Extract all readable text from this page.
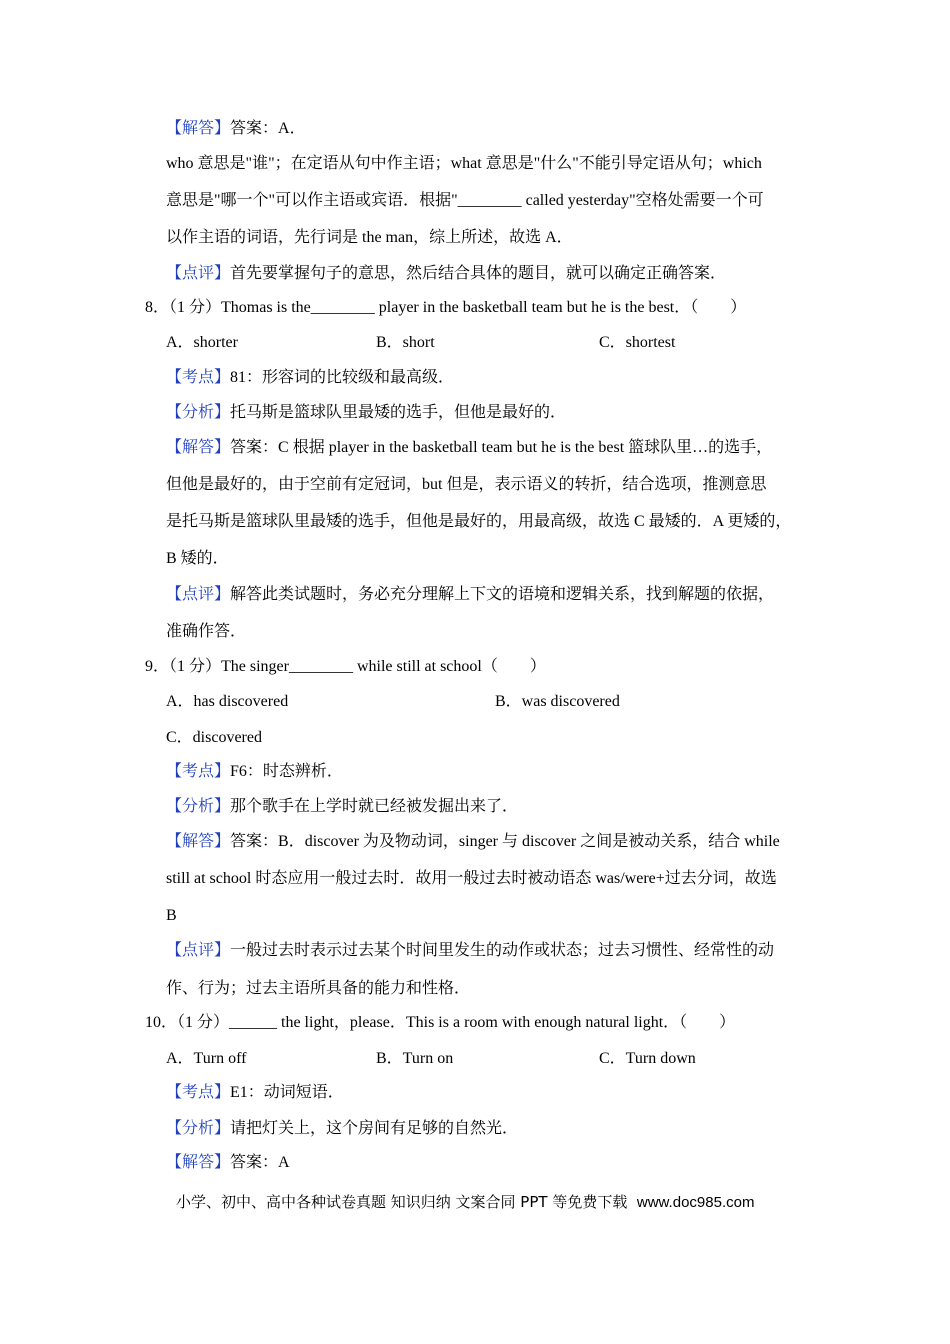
【解答】答案：A．
who 意思是"谁"；在定语从句中作主语；what 意思是"什么"不能引导定语从句；which
意思是"哪一个"可以作主语或宾语．根据"________ called yesterday"空格处需要一个可
以作主语的词语，先行词是 the man，综上所述，故选 A．
【点评】首先要掌握句子的意思，然后结合具体的题目，就可以确定正确答案．
8．（1 分）Thomas is the________ player in the basketball team but he is the best．（　　）
A．shorter	B．short	C．shortest
【考点】81：形容词的比较级和最高级．
【分析】托马斯是篮球队里最矮的选手，但他是最好的．
【解答】答案：C 根据 player in the basketball team but he is the best 篮球队里…的选手，
但他是最好的，由于空前有定冠词，but 但是，表示语义的转折，结合选项，推测意思
是托马斯是篮球队里最矮的选手，但他是最好的，用最高级，故选 C 最矮的．A 更矮的，
B 矮的．
【点评】解答此类试题时，务必充分理解上下文的语境和逻辑关系，找到解题的依据，
准确作答．
9．（1 分）The singer________ while still at school（　　）
A．has discovered	B．was discovered
C．discovered
【考点】F6：时态辨析．
【分析】那个歌手在上学时就已经被发掘出来了．
【解答】答案：B．discover 为及物动词，singer 与 discover 之间是被动关系，结合 while
still at school 时态应用一般过去时．故用一般过去时被动语态 was/were+过去分词，故选
B
【点评】一般过去时表示过去某个时间里发生的动作或状态；过去习惯性、经常性的动
作、行为；过去主语所具备的能力和性格．
10．（1 分）______ the light，please．This is a room with enough natural light．（　　）
A．Turn off	B．Turn on	C．Turn down
【考点】E1：动词短语．
【分析】请把灯关上，这个房间有足够的自然光．
【解答】答案：A
小学、初中、高中各种试卷真题 知识归纳 文案合同 PPT 等免费下载 www.doc985.com
